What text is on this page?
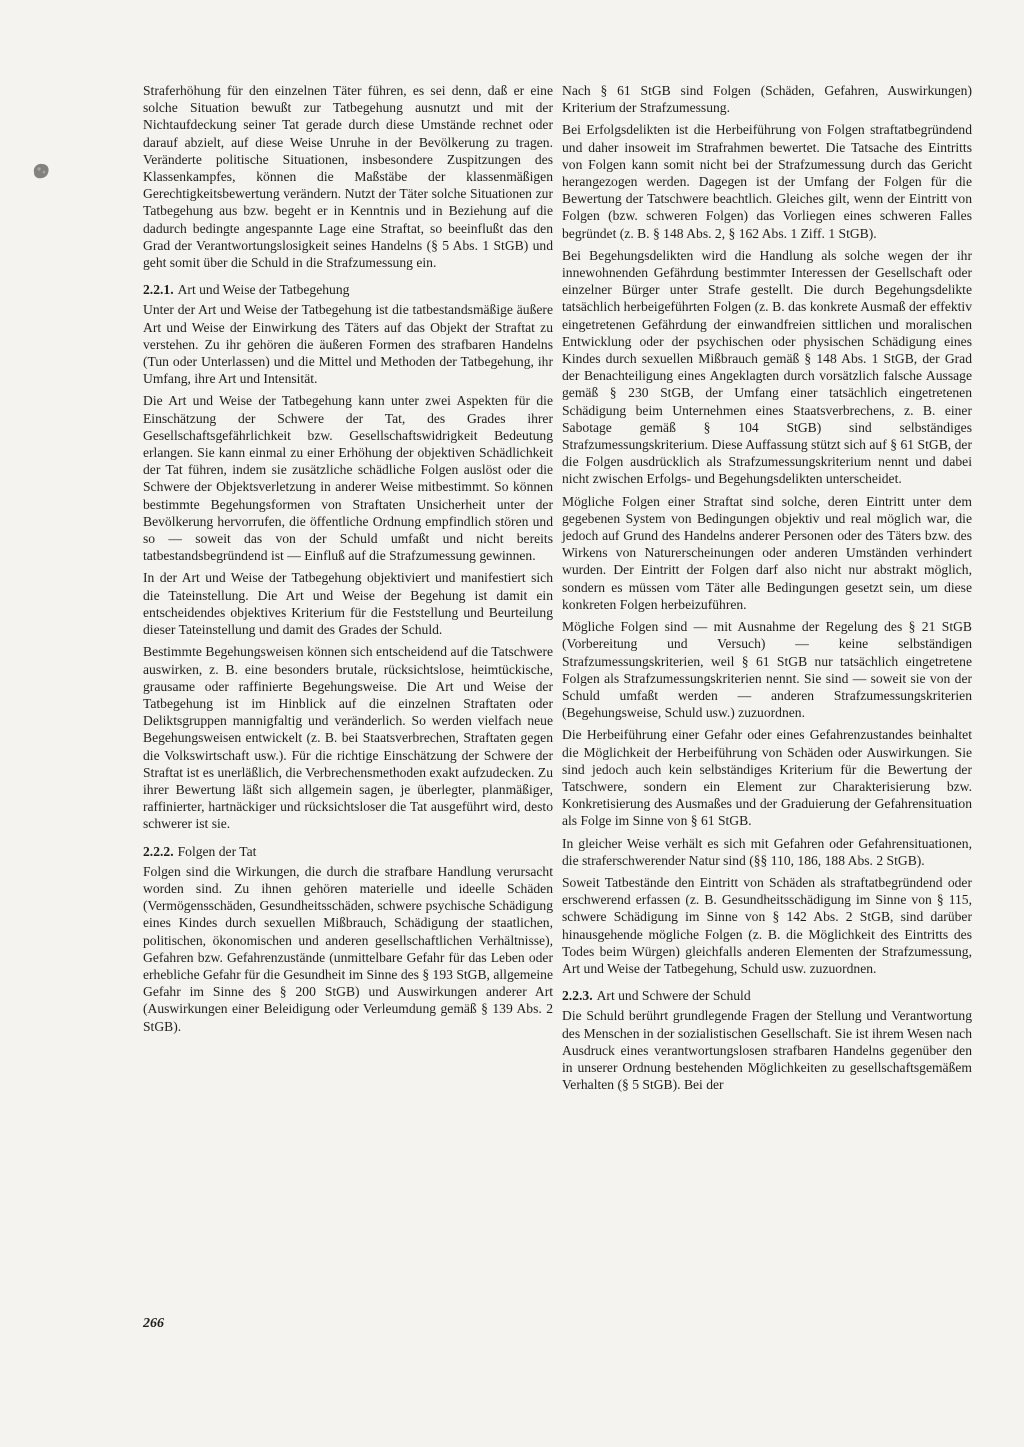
Straferhöhung für den einzelnen Täter führen, es sei denn, daß er eine solche Situation bewußt zur Tatbegehung ausnutzt und mit der Nichtaufdeckung seiner Tat gerade durch diese Umstände rechnet oder darauf abzielt, auf diese Weise Unruhe in der Bevölkerung zu tragen. Veränderte politische Situationen, insbesondere Zuspitzungen des Klassenkampfes, können die Maßstäbe der klassenmäßigen Gerechtigkeitsbewertung verändern. Nutzt der Täter solche Situationen zur Tatbegehung aus bzw. begeht er in Kenntnis und in Beziehung auf die dadurch bedingte angespannte Lage eine Straftat, so beeinflußt das den Grad der Verantwortungslosigkeit seines Handelns (§ 5 Abs. 1 StGB) und geht somit über die Schuld in die Strafzumessung ein.

2.2.1. Art und Weise der Tatbegehung

Unter der Art und Weise der Tatbegehung ist die tatbestandsmäßige äußere Art und Weise der Einwirkung des Täters auf das Objekt der Straftat zu verstehen. Zu ihr gehören die äußeren Formen des strafbaren Handelns (Tun oder Unterlassen) und die Mittel und Methoden der Tatbegehung, ihr Umfang, ihre Art und Intensität.

Die Art und Weise der Tatbegehung kann unter zwei Aspekten für die Einschätzung der Schwere der Tat, des Grades ihrer Gesellschaftsgefährlichkeit bzw. Gesellschaftswidrigkeit Bedeutung erlangen. Sie kann einmal zu einer Erhöhung der objektiven Schädlichkeit der Tat führen, indem sie zusätzliche schädliche Folgen auslöst oder die Schwere der Objektsverletzung in anderer Weise mitbestimmt. So können bestimmte Begehungsformen von Straftaten Unsicherheit unter der Bevölkerung hervorrufen, die öffentliche Ordnung empfindlich stören und so — soweit das von der Schuld umfaßt und nicht bereits tatbestandsbegründend ist — Einfluß auf die Strafzumessung gewinnen.

In der Art und Weise der Tatbegehung objektiviert und manifestiert sich die Tateinstellung. Die Art und Weise der Begehung ist damit ein entscheidendes objektives Kriterium für die Feststellung und Beurteilung dieser Tateinstellung und damit des Grades der Schuld.

Bestimmte Begehungsweisen können sich entscheidend auf die Tatschwere auswirken, z. B. eine besonders brutale, rücksichtslose, heimtückische, grausame oder raffinierte Begehungsweise. Die Art und Weise der Tatbegehung ist im Hinblick auf die einzelnen Straftaten oder Deliktsgruppen mannigfaltig und veränderlich. So werden vielfach neue Begehungsweisen entwickelt (z. B. bei Staatsverbrechen, Straftaten gegen die Volkswirtschaft usw.). Für die richtige Einschätzung der Schwere der Straftat ist es unerläßlich, die Verbrechensmethoden exakt aufzudecken. Zu ihrer Bewertung läßt sich allgemein sagen, je überlegter, planmäßiger, raffinierter, hartnäckiger und rücksichtsloser die Tat ausgeführt wird, desto schwerer ist sie.

2.2.2. Folgen der Tat

Folgen sind die Wirkungen, die durch die strafbare Handlung verursacht worden sind. Zu ihnen gehören materielle und ideelle Schäden (Vermögensschäden, Gesundheitsschäden, schwere psychische Schädigung eines Kindes durch sexuellen Mißbrauch, Schädigung der staatlichen, politischen, ökonomischen und anderen gesellschaftlichen Verhältnisse), Gefahren bzw. Gefahrenzustände (unmittelbare Gefahr für das Leben oder erhebliche Gefahr für die Gesundheit im Sinne des § 193 StGB, allgemeine Gefahr im Sinne des § 200 StGB) und Auswirkungen anderer Art (Auswirkungen einer Beleidigung oder Verleumdung gemäß § 139 Abs. 2 StGB).

Nach § 61 StGB sind Folgen (Schäden, Gefahren, Auswirkungen) Kriterium der Strafzumessung.

Bei Erfolgsdelikten ist die Herbeiführung von Folgen straftatbegründend und daher insoweit im Strafrahmen bewertet. Die Tatsache des Eintritts von Folgen kann somit nicht bei der Strafzumessung durch das Gericht herangezogen werden. Dagegen ist der Umfang der Folgen für die Bewertung der Tatschwere beachtlich. Gleiches gilt, wenn der Eintritt von Folgen (bzw. schweren Folgen) das Vorliegen eines schweren Falles begründet (z. B. § 148 Abs. 2, § 162 Abs. 1 Ziff. 1 StGB).

Bei Begehungsdelikten wird die Handlung als solche wegen der ihr innewohnenden Gefährdung bestimmter Interessen der Gesellschaft oder einzelner Bürger unter Strafe gestellt. Die durch Begehungsdelikte tatsächlich herbeigeführten Folgen (z. B. das konkrete Ausmaß der effektiv eingetretenen Gefährdung der einwandfreien sittlichen und moralischen Entwicklung oder der psychischen oder physischen Schädigung eines Kindes durch sexuellen Mißbrauch gemäß § 148 Abs. 1 StGB, der Grad der Benachteiligung eines Angeklagten durch vorsätzlich falsche Aussage gemäß § 230 StGB, der Umfang einer tatsächlich eingetretenen Schädigung beim Unternehmen eines Staatsverbrechens, z. B. einer Sabotage gemäß § 104 StGB) sind selbständiges Strafzumessungskriterium. Diese Auffassung stützt sich auf § 61 StGB, der die Folgen ausdrücklich als Strafzumessungskriterium nennt und dabei nicht zwischen Erfolgs- und Begehungsdelikten unterscheidet.

Mögliche Folgen einer Straftat sind solche, deren Eintritt unter dem gegebenen System von Bedingungen objektiv und real möglich war, die jedoch auf Grund des Handelns anderer Personen oder des Täters bzw. des Wirkens von Naturerscheinungen oder anderen Umständen verhindert wurden. Der Eintritt der Folgen darf also nicht nur abstrakt möglich, sondern es müssen vom Täter alle Bedingungen gesetzt sein, um diese konkreten Folgen herbeizuführen.

Mögliche Folgen sind — mit Ausnahme der Regelung des § 21 StGB (Vorbereitung und Versuch) — keine selbständigen Strafzumessungskriterien, weil § 61 StGB nur tatsächlich eingetretene Folgen als Strafzumessungskriterien nennt. Sie sind — soweit sie von der Schuld umfaßt werden — anderen Strafzumessungskriterien (Begehungsweise, Schuld usw.) zuzuordnen.

Die Herbeiführung einer Gefahr oder eines Gefahrenzustandes beinhaltet die Möglichkeit der Herbeiführung von Schäden oder Auswirkungen. Sie sind jedoch auch kein selbständiges Kriterium für die Bewertung der Tatschwere, sondern ein Element zur Charakterisierung bzw. Konkretisierung des Ausmaßes und der Graduierung der Gefahrensituation als Folge im Sinne von § 61 StGB.

In gleicher Weise verhält es sich mit Gefahren oder Gefahrensituationen, die straferschwerender Natur sind (§§ 110, 186, 188 Abs. 2 StGB).

Soweit Tatbestände den Eintritt von Schäden als straftatbegründend oder erschwerend erfassen (z. B. Gesundheitsschädigung im Sinne von § 115, schwere Schädigung im Sinne von § 142 Abs. 2 StGB, sind darüber hinausgehende mögliche Folgen (z. B. die Möglichkeit des Eintritts des Todes beim Würgen) gleichfalls anderen Elementen der Strafzumessung, Art und Weise der Tatbegehung, Schuld usw. zuzuordnen.

2.2.3. Art und Schwere der Schuld

Die Schuld berührt grundlegende Fragen der Stellung und Verantwortung des Menschen in der sozialistischen Gesellschaft. Sie ist ihrem Wesen nach Ausdruck eines verantwortungslosen strafbaren Handelns gegenüber den in unserer Ordnung bestehenden Möglichkeiten zu gesellschaftsgemäßem Verhalten (§ 5 StGB). Bei der

266
